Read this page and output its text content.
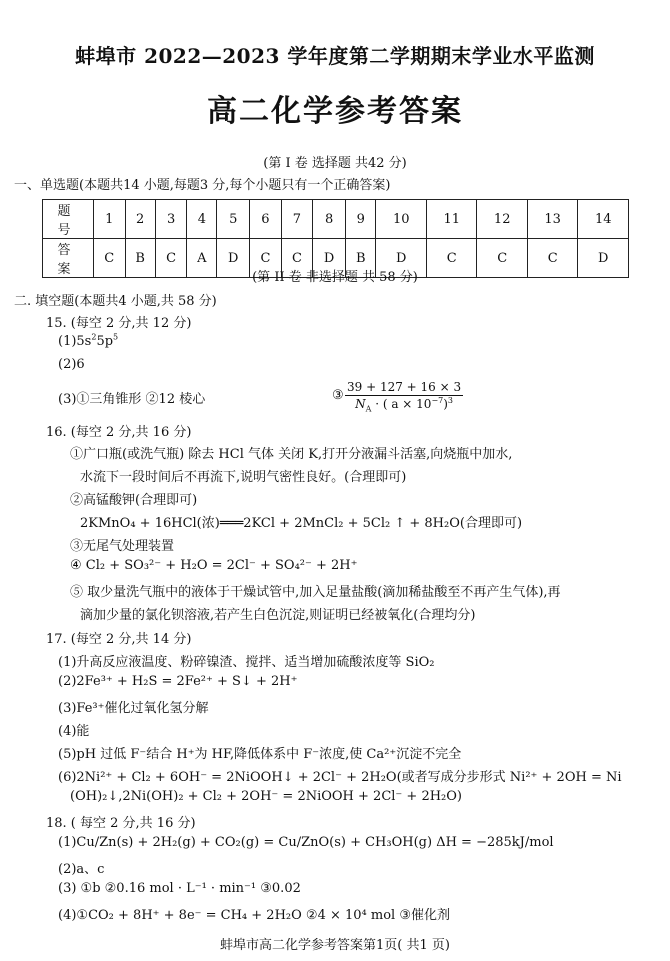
蚌埠市 2022—2023 学年度第二学期期末学业水平监测
高二化学参考答案
(第 I 卷 选择题 共42 分)
一、单选题(本题共14 小题,每题3 分,每个小题只有一个正确答案)
题 号	1	2	3	4	5	6	7	8	9	10	11	12	13	14
答 案	C	B	C	A	D	C	C	D	B	D	C	C	C	D
(第 II 卷 非选择题 共 58 分)
二. 填空题(本题共4 小题,共 58 分)
15. (每空 2 分,共 12 分)
$(1)5s^25p^5$
(2)6
(3)①三角锥形 ②12 棱心	③ $\frac{39 + 127 + 16 \times 3}{N_A \cdot ( a \times 10^{-7})^3}$
16. (每空 2 分,共 16 分)
①广口瓶(或洗气瓶) 除去 HCl 气体 关闭 K,打开分液漏斗活塞,向烧瓶中加水,
水流下一段时间后不再流下,说明气密性良好。(合理即可)
②高锰酸钾(合理即可)
2KMnO₄ + 16HCl(浓)═══2KCl + 2MnCl₂ + 5Cl₂ ↑ + 8H₂O(合理即可)
③无尾气处理装置
④ Cl₂ + SO₃²⁻ + H₂O = 2Cl⁻ + SO₄²⁻ + 2H⁺
⑤ 取少量洗气瓶中的液体于干燥试管中,加入足量盐酸(滴加稀盐酸至不再产生气体),再
滴加少量的氯化钡溶液,若产生白色沉淀,则证明已经被氧化(合理均分)
17. (每空 2 分,共 14 分)
(1)升高反应液温度、粉碎镍渣、搅拌、适当增加硫酸浓度等 SiO₂
(2)2Fe³⁺ + H₂S = 2Fe²⁺ + S↓ + 2H⁺
(3)Fe³⁺催化过氧化氢分解
(4)能
(5)pH 过低 F⁻结合 H⁺为 HF,降低体系中 F⁻浓度,使 Ca²⁺沉淀不完全
(6)2Ni²⁺ + Cl₂ + 6OH⁻ = 2NiOOH↓ + 2Cl⁻ + 2H₂O(或者写成分步形式 Ni²⁺ + 2OH = Ni
(OH)₂↓,2Ni(OH)₂ + Cl₂ + 2OH⁻ = 2NiOOH + 2Cl⁻ + 2H₂O)
18. ( 每空 2 分,共 16 分)
(1)Cu/Zn(s) + 2H₂(g) + CO₂(g) = Cu/ZnO(s) + CH₃OH(g) ΔH = −285kJ/mol
(2)a、c
(3) ①b ②0.16 mol · L⁻¹ · min⁻¹ ③0.02
(4)①CO₂ + 8H⁺ + 8e⁻ = CH₄ + 2H₂O ②4 × 10⁴ mol ③催化剂
蚌埠市高二化学参考答案第1页( 共1 页)
